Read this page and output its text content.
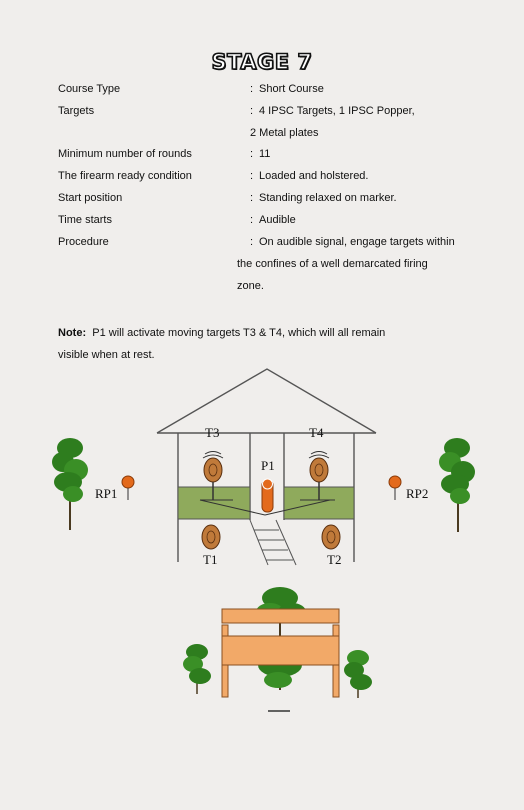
STAGE 7
Course Type	: Short Course
Targets	: 4 IPSC Targets, 1 IPSC Popper,
2 Metal plates
Minimum number of rounds	: 11
The firearm ready condition	: Loaded and holstered.
Start position	: Standing relaxed on marker.
Time starts	: Audible
Procedure	: On audible signal, engage targets within
the confines of a well demarcated firing
zone.
Note: P1 will activate moving targets T3 & T4, which will all remain visible when at rest.
T3	T4
P1
T1	T2
RP1	RP2
